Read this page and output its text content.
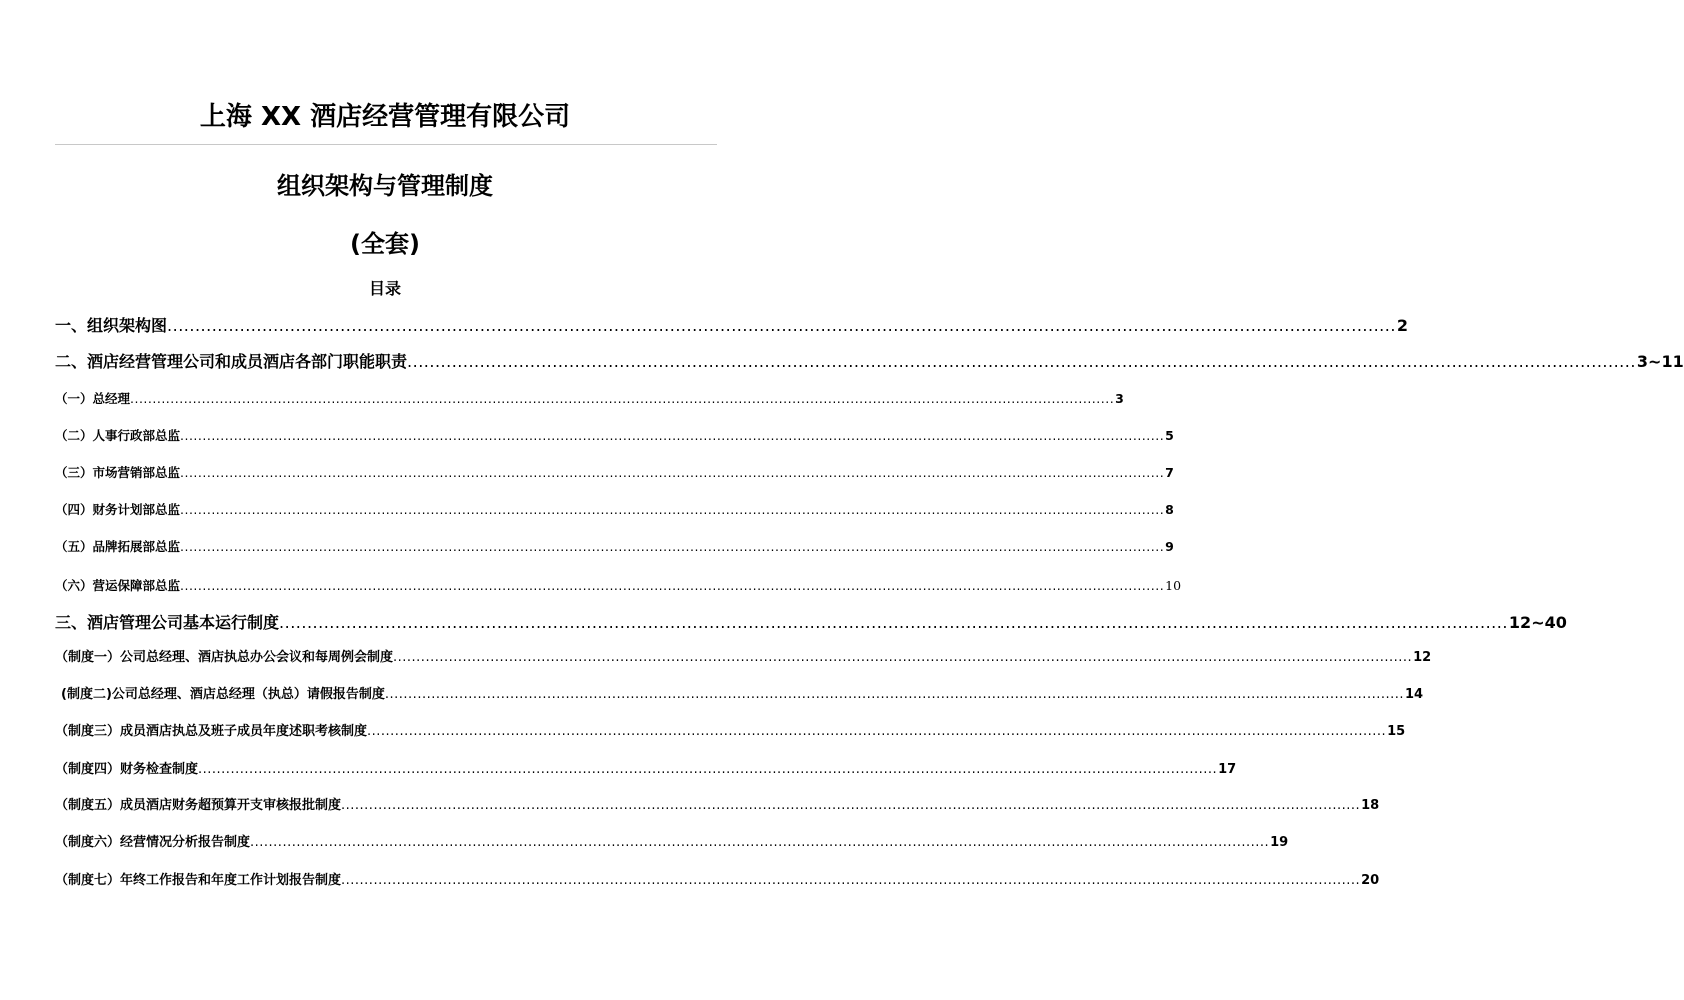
上海 XX 酒店经营管理有限公司
组织架构与管理制度
(全套)
目录
一、组织架构图 ............................................................................................................................................................................................................................ 2
二、酒店经营管理公司和成员酒店各部门职能职责 ............................................................................................................................................................................................................................ 3~11
（一）总经理 ............................................................................................................................................................................................................................ 3
（二）人事行政部总监 ............................................................................................................................................................................................................................ 5
（三）市场营销部总监 ............................................................................................................................................................................................................................ 7
（四）财务计划部总监 ............................................................................................................................................................................................................................ 8
（五）品牌拓展部总监 ............................................................................................................................................................................................................................ 9
（六）营运保障部总监 ............................................................................................................................................................................................................................ 10
三、酒店管理公司基本运行制度 ............................................................................................................................................................................................................................ 12~40
（制度一）公司总经理、酒店执总办公会议和每周例会制度 ............................................................................................................................................................................................................................ 12
(制度二)公司总经理、酒店总经理（执总）请假报告制度 ............................................................................................................................................................................................................................ 14
（制度三）成员酒店执总及班子成员年度述职考核制度 ............................................................................................................................................................................................................................ 15
（制度四）财务检查制度 ............................................................................................................................................................................................................................ 17
（制度五）成员酒店财务超预算开支审核报批制度 ............................................................................................................................................................................................................................ 18
（制度六）经营情况分析报告制度 ............................................................................................................................................................................................................................ 19
（制度七）年终工作报告和年度工作计划报告制度 ............................................................................................................................................................................................................................ 20
